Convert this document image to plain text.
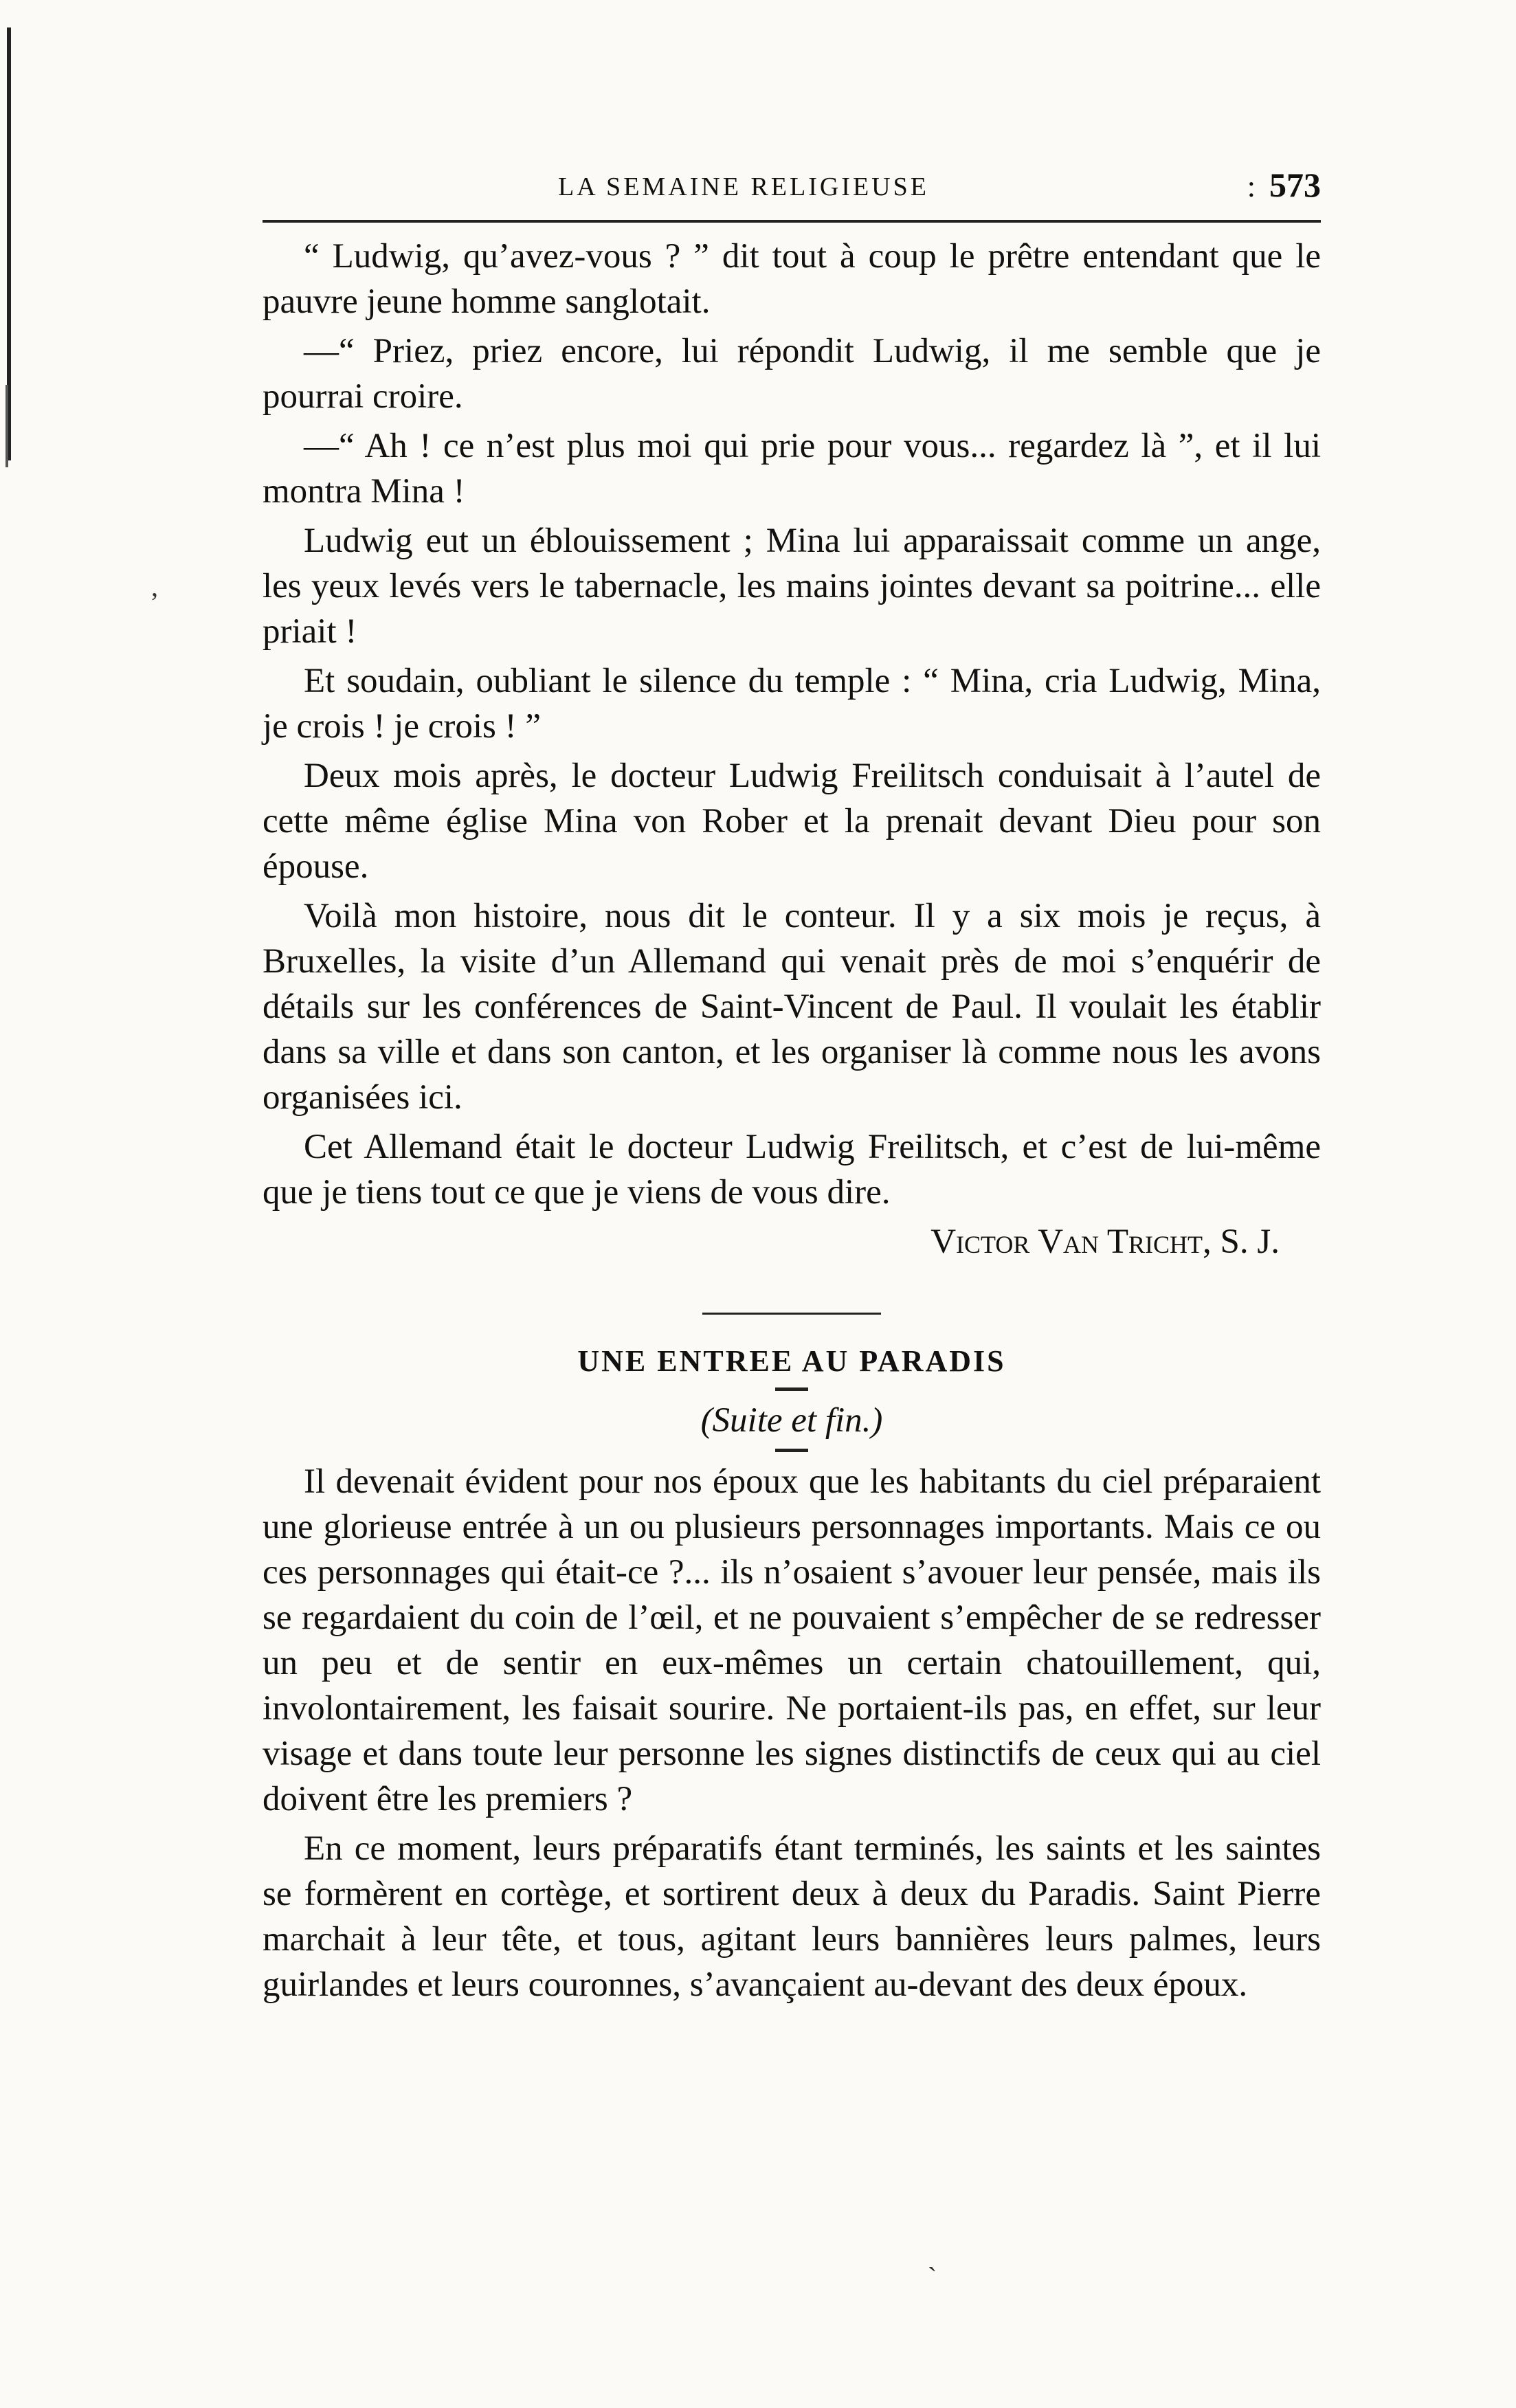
LA SEMAINE RELIGIEUSE	: 573

“ Ludwig, qu’avez-vous ? ” dit tout à coup le prêtre entendant que le pauvre jeune homme sanglotait.

—“ Priez, priez encore, lui répondit Ludwig, il me semble que je pourrai croire.

—“ Ah ! ce n’est plus moi qui prie pour vous... regardez là ”, et il lui montra Mina !

Ludwig eut un éblouissement ; Mina lui apparaissait comme un ange, les yeux levés vers le tabernacle, les mains jointes devant sa poitrine... elle priait !

Et soudain, oubliant le silence du temple : “ Mina, cria Ludwig, Mina, je crois ! je crois ! ”

Deux mois après, le docteur Ludwig Freilitsch conduisait à l’autel de cette même église Mina von Rober et la prenait devant Dieu pour son épouse.

Voilà mon histoire, nous dit le conteur. Il y a six mois je reçus, à Bruxelles, la visite d’un Allemand qui venait près de moi s’enquérir de détails sur les conférences de Saint-Vincent de Paul. Il voulait les établir dans sa ville et dans son canton, et les organiser là comme nous les avons organisées ici.

Cet Allemand était le docteur Ludwig Freilitsch, et c’est de lui-même que je tiens tout ce que je viens de vous dire.

Victor Van Tricht, S. J.

UNE ENTREE AU PARADIS
(Suite et fin.)

Il devenait évident pour nos époux que les habitants du ciel préparaient une glorieuse entrée à un ou plusieurs personnages importants. Mais ce ou ces personnages qui était-ce ?... ils n’osaient s’avouer leur pensée, mais ils se regardaient du coin de l’œil, et ne pouvaient s’empêcher de se redresser un peu et de sentir en eux-mêmes un certain chatouillement, qui, involontairement, les faisait sourire. Ne portaient-ils pas, en effet, sur leur visage et dans toute leur personne les signes distinctifs de ceux qui au ciel doivent être les premiers ?

En ce moment, leurs préparatifs étant terminés, les saints et les saintes se formèrent en cortège, et sortirent deux à deux du Paradis. Saint Pierre marchait à leur tête, et tous, agitant leurs bannières leurs palmes, leurs guirlandes et leurs couronnes, s’avançaient au-devant des deux époux.

,
`
